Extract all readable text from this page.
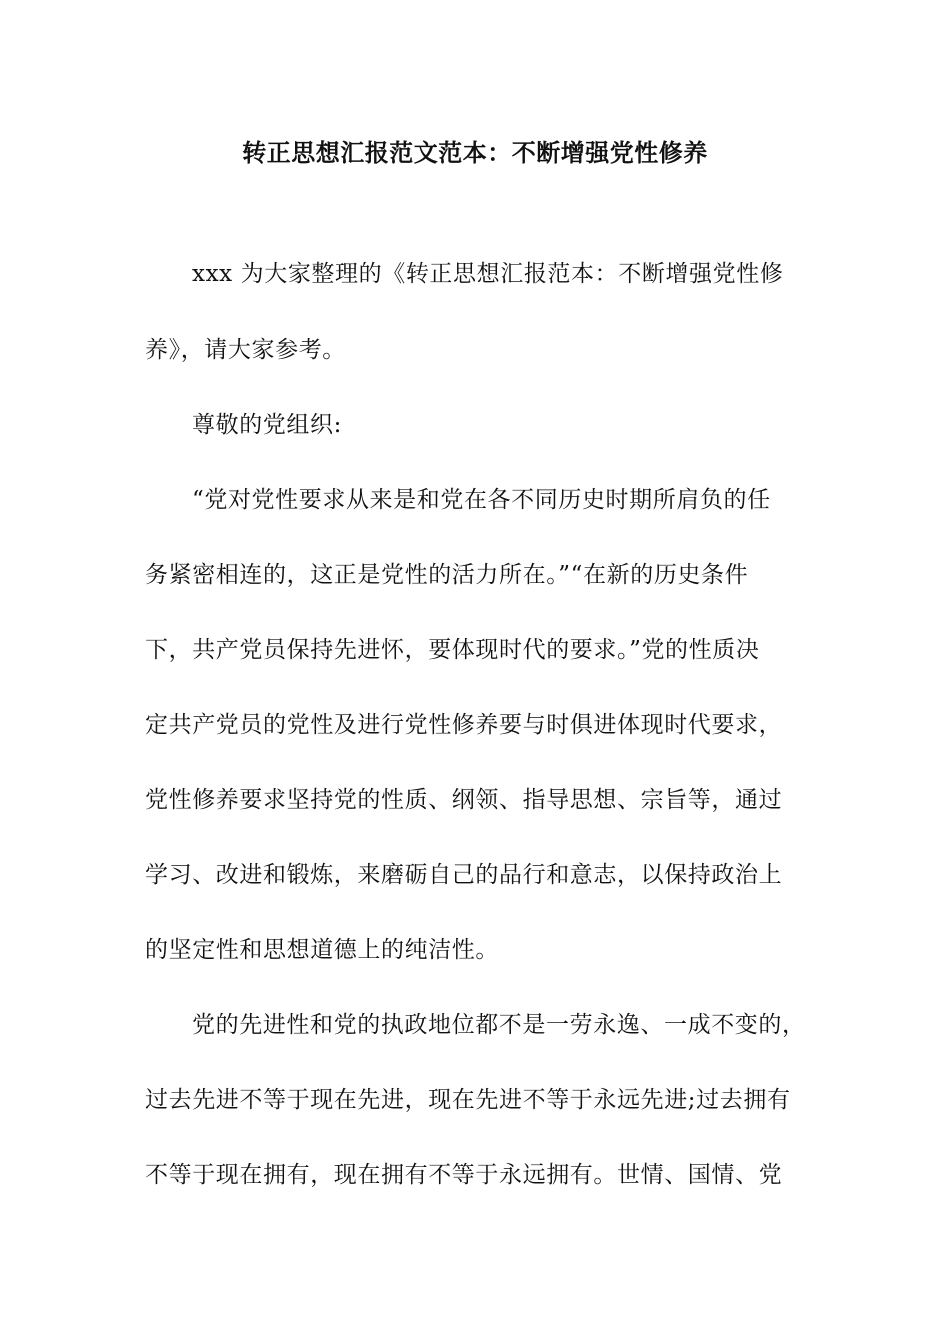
转正思想汇报范文范本：不断增强党性修养
xxx 为大家整理的《转正思想汇报范本：不断增强党性修
养》，请大家参考。
尊敬的党组织:
“党对党性要求从来是和党在各不同历史时期所肩负的任
务紧密相连的，这正是党性的活力所在。”“在新的历史条件
下，共产党员保持先进怀，要体现时代的要求。”党的性质决
定共产党员的党性及进行党性修养要与时俱进体现时代要求，
党性修养要求坚持党的性质、纲领、指导思想、宗旨等，通过
学习、改进和锻炼，来磨砺自己的品行和意志，以保持政治上
的坚定性和思想道德上的纯洁性。
党的先进性和党的执政地位都不是一劳永逸、一成不变的，
过去先进不等于现在先进，现在先进不等于永远先进;过去拥有
不等于现在拥有，现在拥有不等于永远拥有。世情、国情、党
